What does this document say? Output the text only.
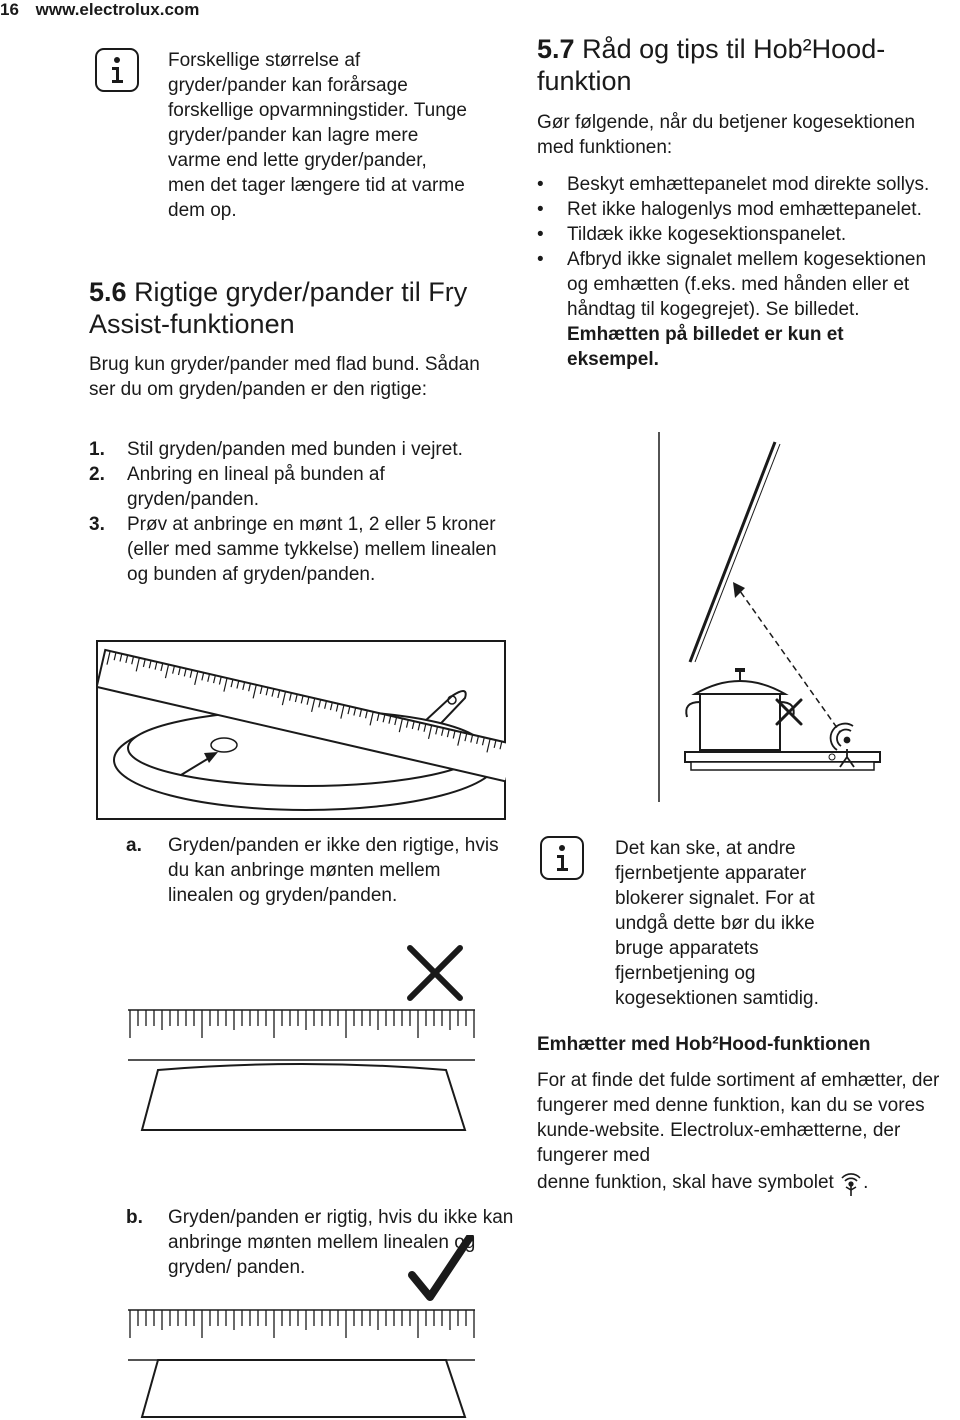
16 www.electrolux.com
Forskellige størrelse af gryder/pander kan forårsage forskellige opvarmningstider. Tunge gryder/pander kan lagre mere varme end lette gryder/pander, men det tager længere tid at varme dem op.
5.6 Rigtige gryder/pander til Fry Assist-funktionen
Brug kun gryder/pander med flad bund. Sådan ser du om gryden/panden er den rigtige:
1. Stil gryden/panden med bunden i vejret.
2. Anbring en lineal på bunden af gryden/panden.
3. Prøv at anbringe en mønt 1, 2 eller 5 kroner (eller med samme tykkelse) mellem linealen og bunden af gryden/panden.
a. Gryden/panden er ikke den rigtige, hvis du kan anbringe mønten mellem linealen og gryden/panden.
b. Gryden/panden er rigtig, hvis du ikke kan anbringe mønten mellem linealen og gryden/ panden.
5.7 Råd og tips til Hob²Hood-funktion
Gør følgende, når du betjener kogesektionen med funktionen:
• Beskyt emhættepanelet mod direkte sollys.
• Ret ikke halogenlys mod emhættepanelet.
• Tildæk ikke kogesektionspanelet.
• Afbryd ikke signalet mellem kogesektionen og emhætten (f.eks. med hånden eller et håndtag til kogegrejet). Se billedet. Emhætten på billedet er kun et eksempel.
Det kan ske, at andre fjernbetjente apparater blokerer signalet. For at undgå dette bør du ikke bruge apparatets fjernbetjening og kogesektionen samtidig.
Emhætter med Hob²Hood-funktionen
For at finde det fulde sortiment af emhætter, der fungerer med denne funktion, kan du se vores kunde-website. Electrolux-emhætterne, der fungerer med
denne funktion, skal have symbolet .
